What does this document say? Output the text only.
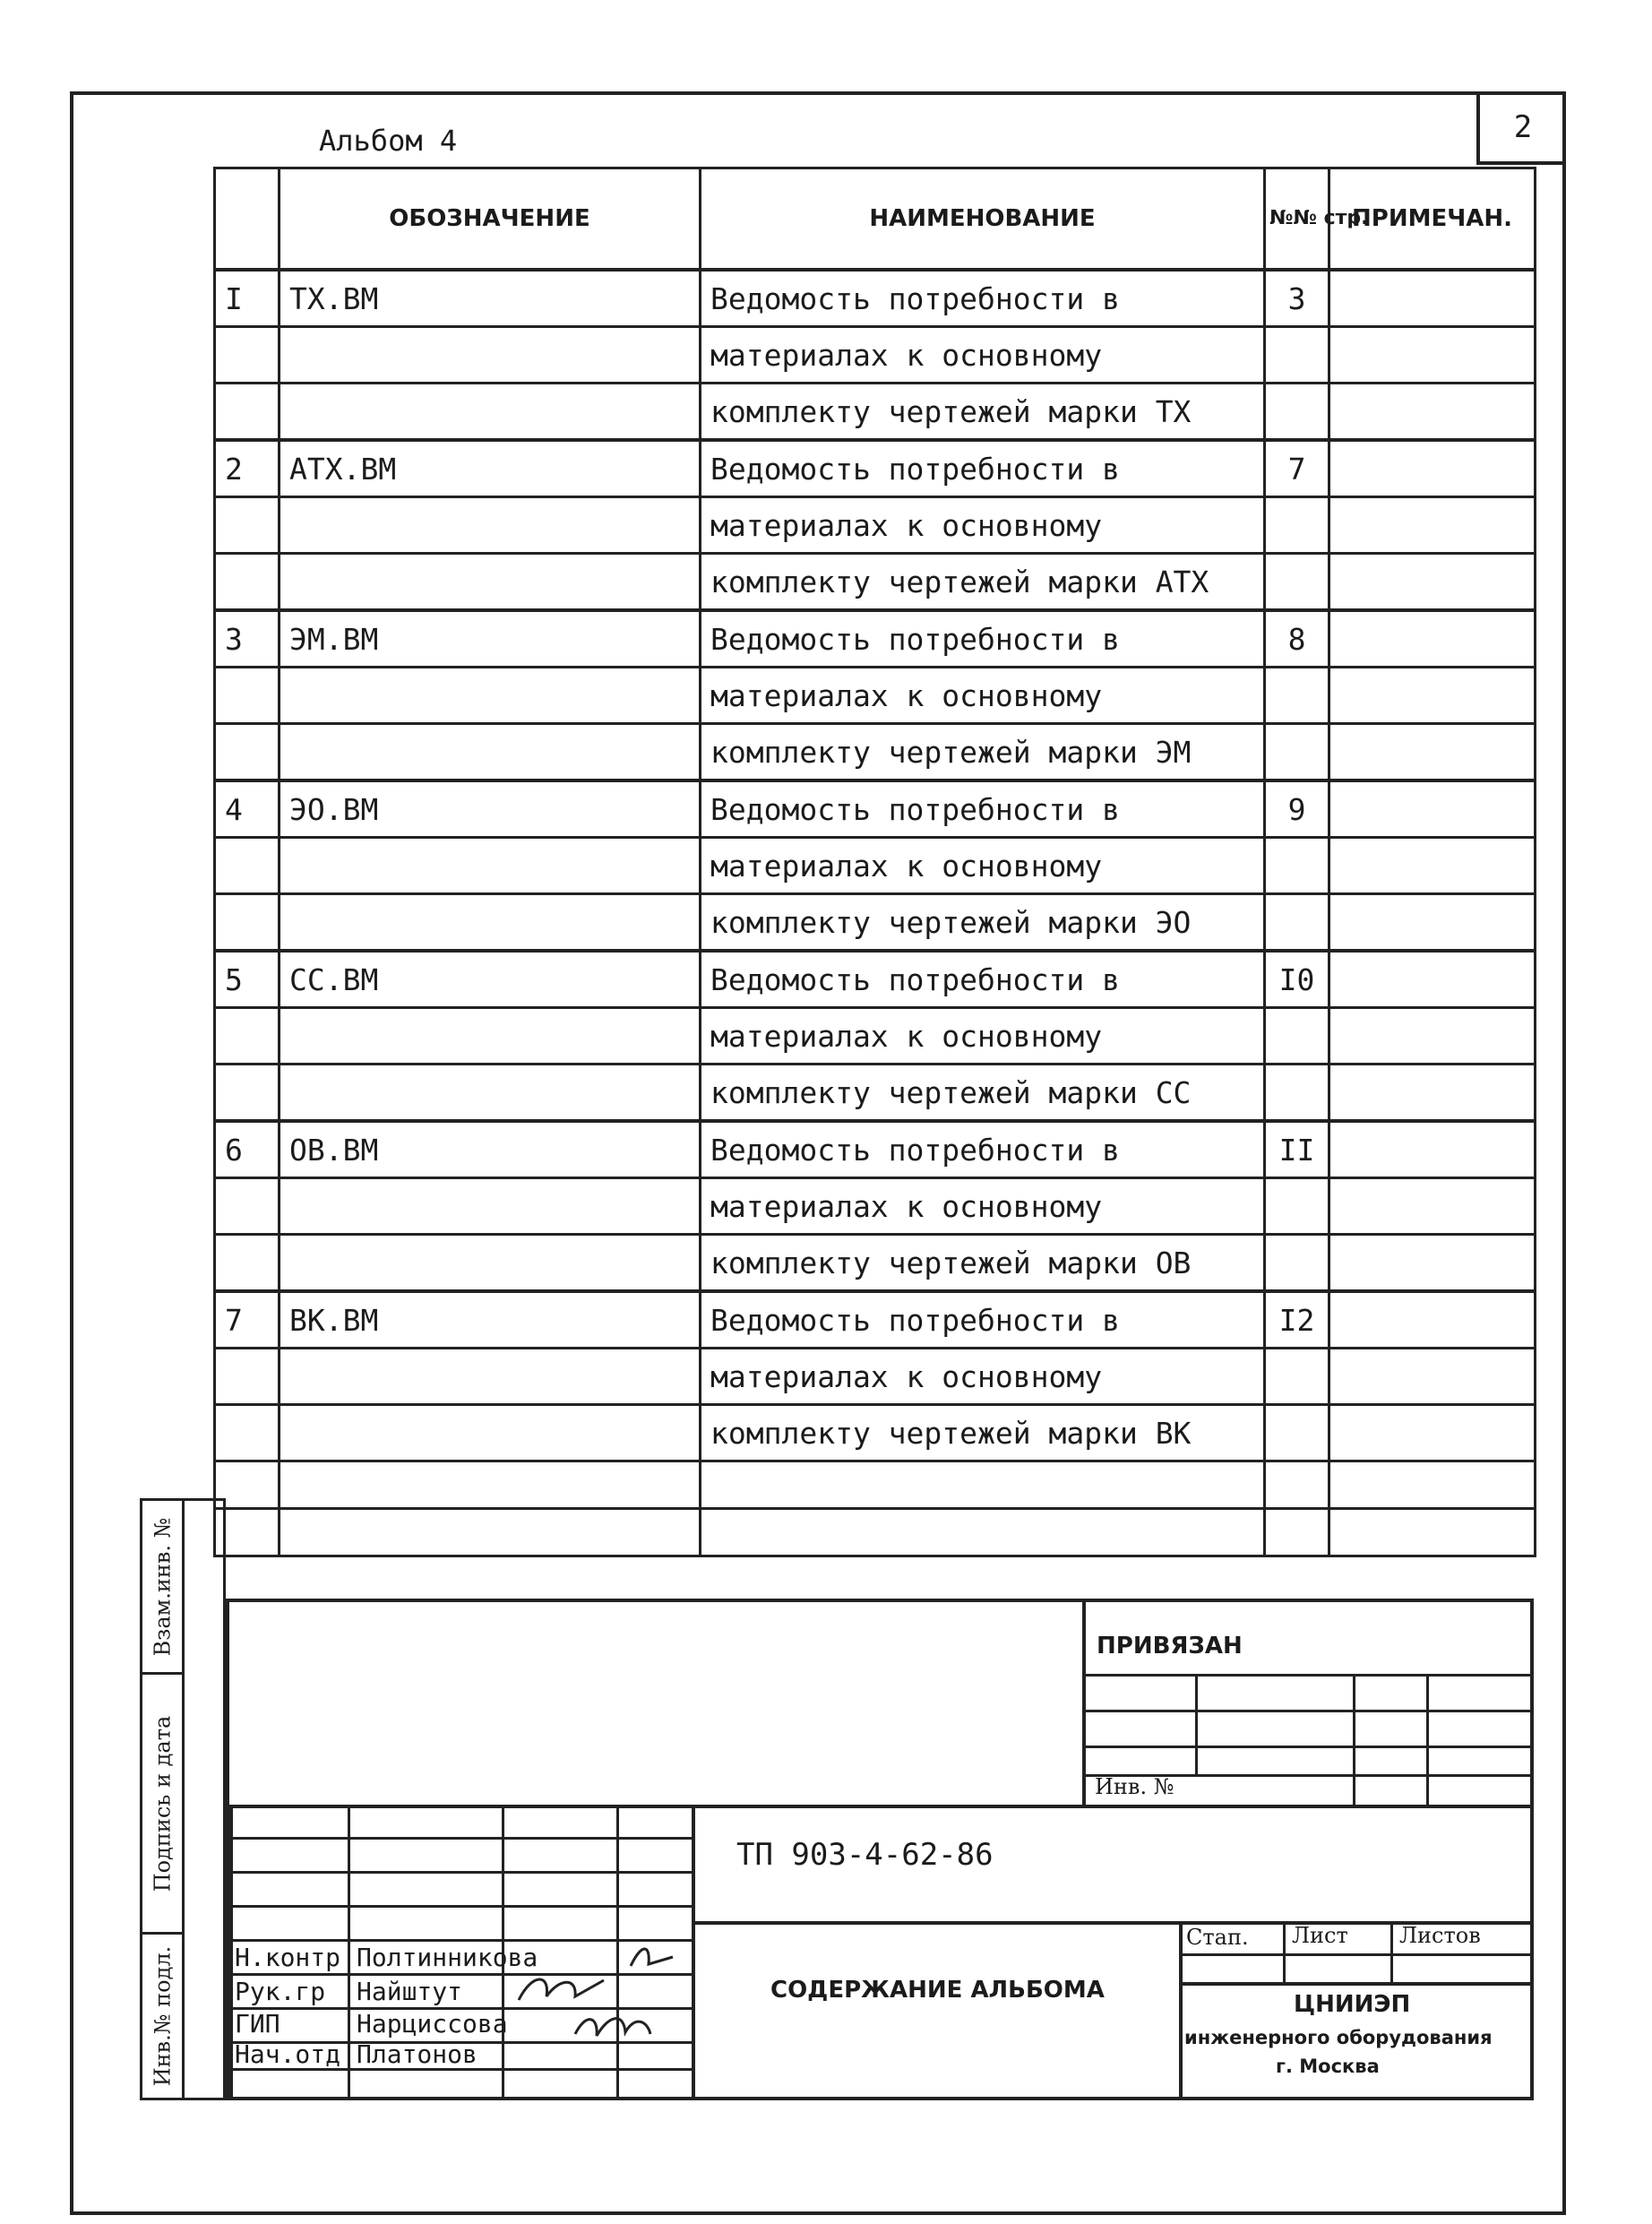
2
Альбом 4
	ОБОЗНАЧЕНИЕ	НАИМЕНОВАНИЕ	№№ стр.	ПРИМЕЧАН.
I	ТХ.ВМ	Ведомость потребности в	3	
		материалах к основному		
		комплекту чертежей марки ТХ		
2	АТХ.ВМ	Ведомость потребности в	7	
		материалах к основному		
		комплекту чертежей марки АТХ		
3	ЭМ.ВМ	Ведомость потребности в	8	
		материалах к основному		
		комплекту чертежей марки ЭМ		
4	ЭО.ВМ	Ведомость потребности в	9	
		материалах к основному		
		комплекту чертежей марки ЭО		
5	СС.ВМ	Ведомость потребности в	I0	
		материалах к основному		
		комплекту чертежей марки СС		
6	ОВ.ВМ	Ведомость потребности в	II	
		материалах к основному		
		комплекту чертежей марки ОВ		
7	ВК.ВМ	Ведомость потребности в	I2	
		материалах к основному		
		комплекту чертежей марки ВК		

Взам.инв. №
Подпись и дата
Инв.№ подл.
ПРИВЯЗАН
Инв. №
Н.контр Полтинникова
Рук.гр Найштут
ГИП	Нарциссова
Нач.отд Платонов
ТП 903-4-62-86
СОДЕРЖАНИЕ АЛЬБОМА
Стап. Лист Листов
ЦНИИЭП
инженерного оборудования
г. Москва
